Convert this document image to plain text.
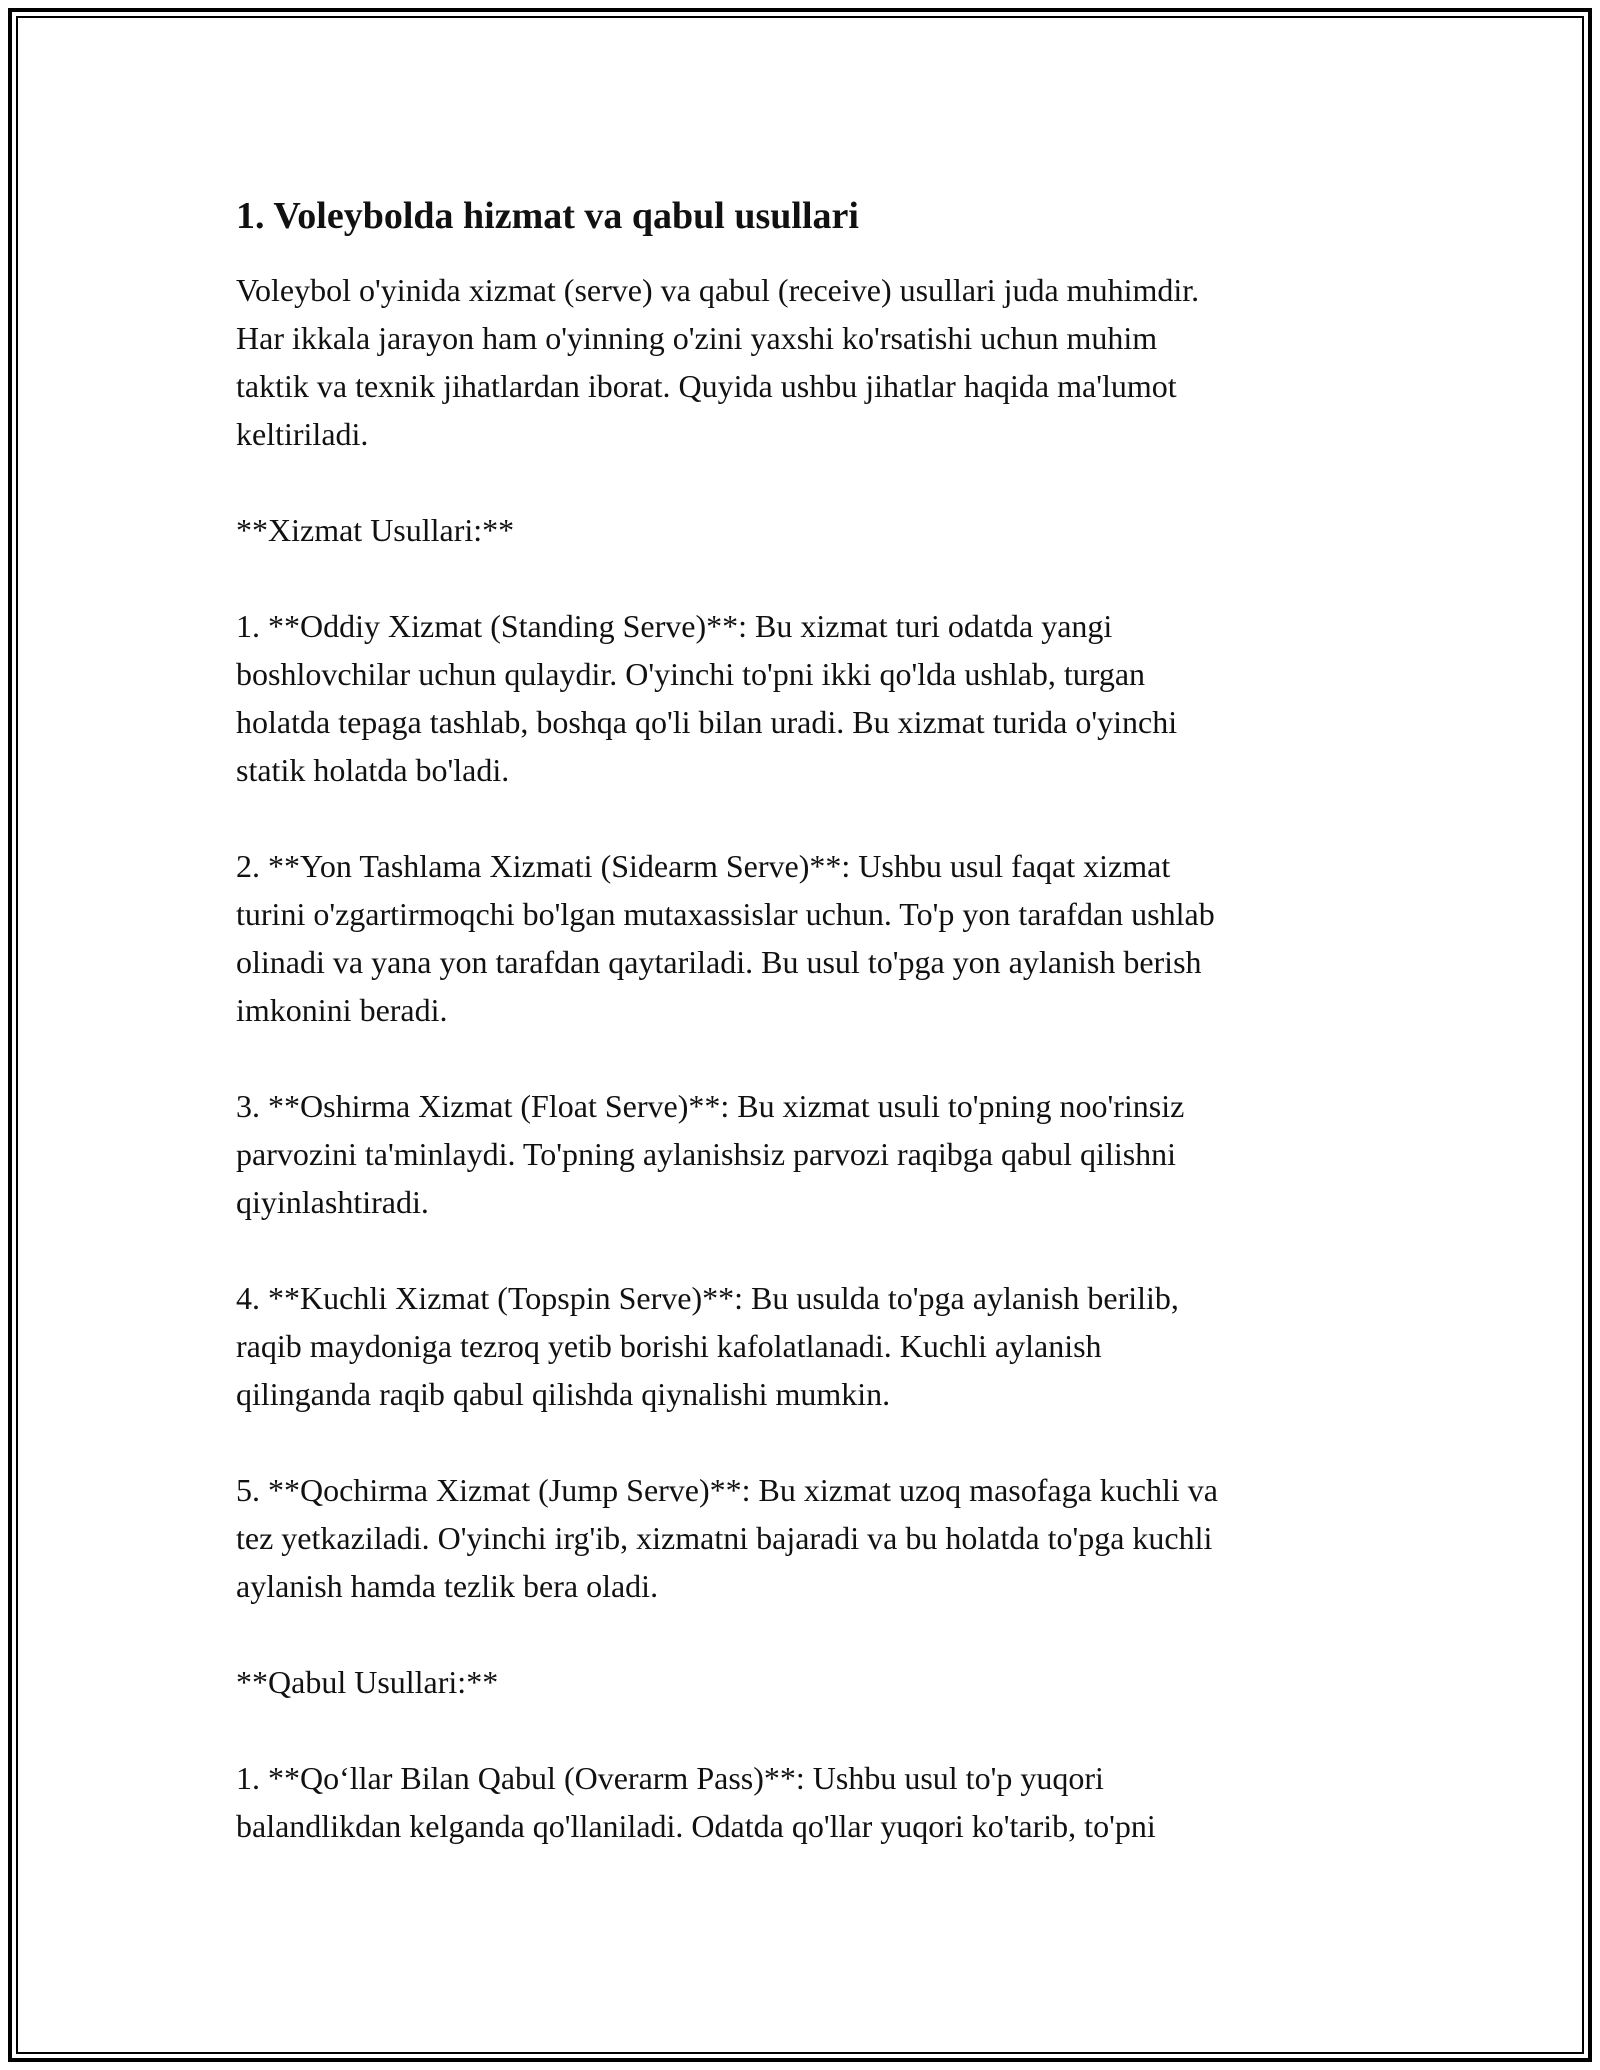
1. Voleybolda hizmat va qabul usullari

Voleybol o'yinida xizmat (serve) va qabul (receive) usullari juda muhimdir.
Har ikkala jarayon ham o'yinning o'zini yaxshi ko'rsatishi uchun muhim
taktik va texnik jihatlardan iborat. Quyida ushbu jihatlar haqida ma'lumot
keltiriladi.

**Xizmat Usullari:**

1. **Oddiy Xizmat (Standing Serve)**: Bu xizmat turi odatda yangi
boshlovchilar uchun qulaydir. O'yinchi to'pni ikki qo'lda ushlab, turgan
holatda tepaga tashlab, boshqa qo'li bilan uradi. Bu xizmat turida o'yinchi
statik holatda bo'ladi.

2. **Yon Tashlama Xizmati (Sidearm Serve)**: Ushbu usul faqat xizmat
turini o'zgartirmoqchi bo'lgan mutaxassislar uchun. To'p yon tarafdan ushlab
olinadi va yana yon tarafdan qaytariladi. Bu usul to'pga yon aylanish berish
imkonini beradi.

3. **Oshirma Xizmat (Float Serve)**: Bu xizmat usuli to'pning noo'rinsiz
parvozini ta'minlaydi. To'pning aylanishsiz parvozi raqibga qabul qilishni
qiyinlashtiradi.

4. **Kuchli Xizmat (Topspin Serve)**: Bu usulda to'pga aylanish berilib,
raqib maydoniga tezroq yetib borishi kafolatlanadi. Kuchli aylanish
qilinganda raqib qabul qilishda qiynalishi mumkin.

5. **Qochirma Xizmat (Jump Serve)**: Bu xizmat uzoq masofaga kuchli va
tez yetkaziladi. O'yinchi irg'ib, xizmatni bajaradi va bu holatda to'pga kuchli
aylanish hamda tezlik bera oladi.

**Qabul Usullari:**

1. **Qoʻllar Bilan Qabul (Overarm Pass)**: Ushbu usul to'p yuqori
balandlikdan kelganda qo'llaniladi. Odatda qo'llar yuqori ko'tarib, to'pni
